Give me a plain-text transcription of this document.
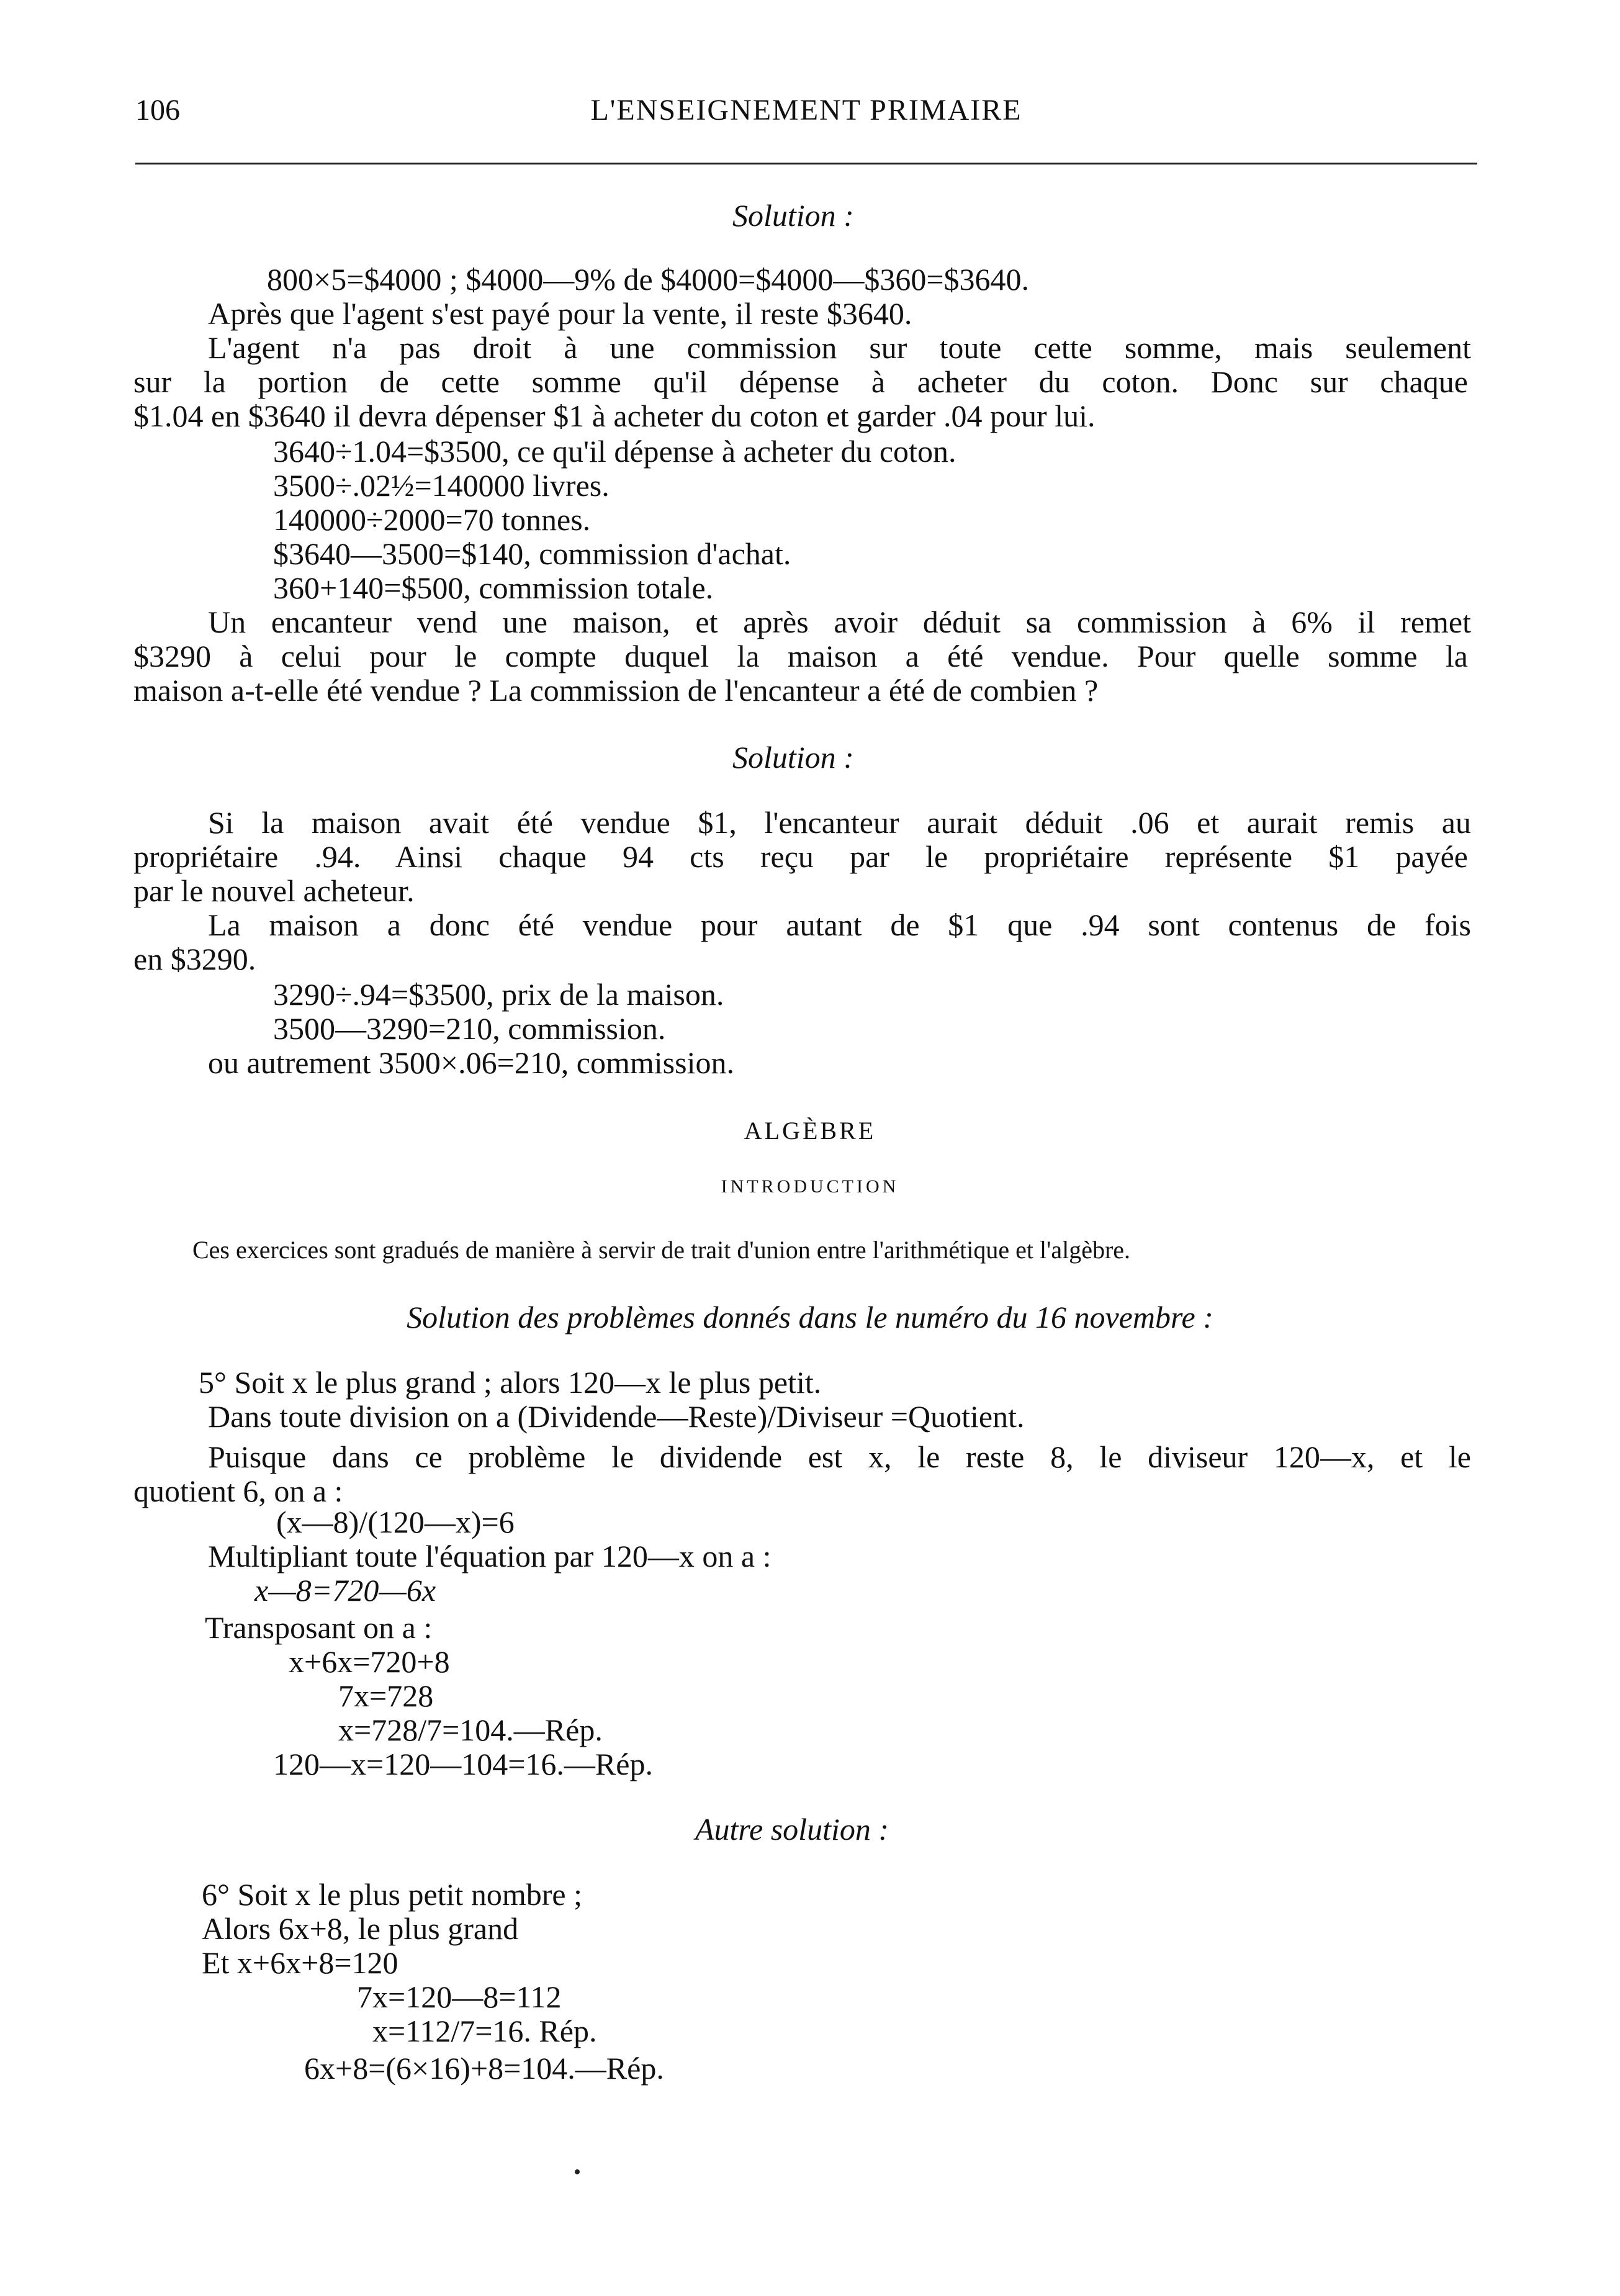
106	L'ENSEIGNEMENT PRIMAIRE
Solution :
800×5=$4000 ; $4000—9% de $4000=$4000—$360=$3640.
Après que l'agent s'est payé pour la vente, il reste $3640.
L'agent n'a pas droit à une commission sur toute cette somme, mais seulement
sur la portion de cette somme qu'il dépense à acheter du coton. Donc sur chaque
$1.04 en $3640 il devra dépenser $1 à acheter du coton et garder .04 pour lui.
3640÷1.04=$3500, ce qu'il dépense à acheter du coton.
3500÷.02½=140000 livres.
140000÷2000=70 tonnes.
$3640—3500=$140, commission d'achat.
360+140=$500, commission totale.
Un encanteur vend une maison, et après avoir déduit sa commission à 6% il remet
$3290 à celui pour le compte duquel la maison a été vendue. Pour quelle somme la
maison a-t-elle été vendue ? La commission de l'encanteur a été de combien ?
Solution :
Si la maison avait été vendue $1, l'encanteur aurait déduit .06 et aurait remis au
propriétaire .94. Ainsi chaque 94 cts reçu par le propriétaire représente $1 payée
par le nouvel acheteur.
La maison a donc été vendue pour autant de $1 que .94 sont contenus de fois
en $3290.
3290÷.94=$3500, prix de la maison.
3500—3290=210, commission.
ou autrement 3500×.06=210, commission.
ALGÈBRE
INTRODUCTION
Ces exercices sont gradués de manière à servir de trait d'union entre l'arithmétique et l'algèbre.
Solution des problèmes donnés dans le numéro du 16 novembre :
5° Soit x le plus grand ; alors 120—x le plus petit.
Dans toute division on a (Dividende—Reste)/Diviseur =Quotient.
Puisque dans ce problème le dividende est x, le reste 8, le diviseur 120—x, et le
quotient 6, on a :
(x—8)/(120—x)=6
Multipliant toute l'équation par 120—x on a :
x—8=720—6x
Transposant on a :
x+6x=720+8
7x=728
x=728/7=104.—Rép.
120—x=120—104=16.—Rép.
Autre solution :
6° Soit x le plus petit nombre ;
Alors 6x+8, le plus grand
Et x+6x+8=120
7x=120—8=112
x=112/7=16. Rép.
6x+8=(6×16)+8=104.—Rép.
